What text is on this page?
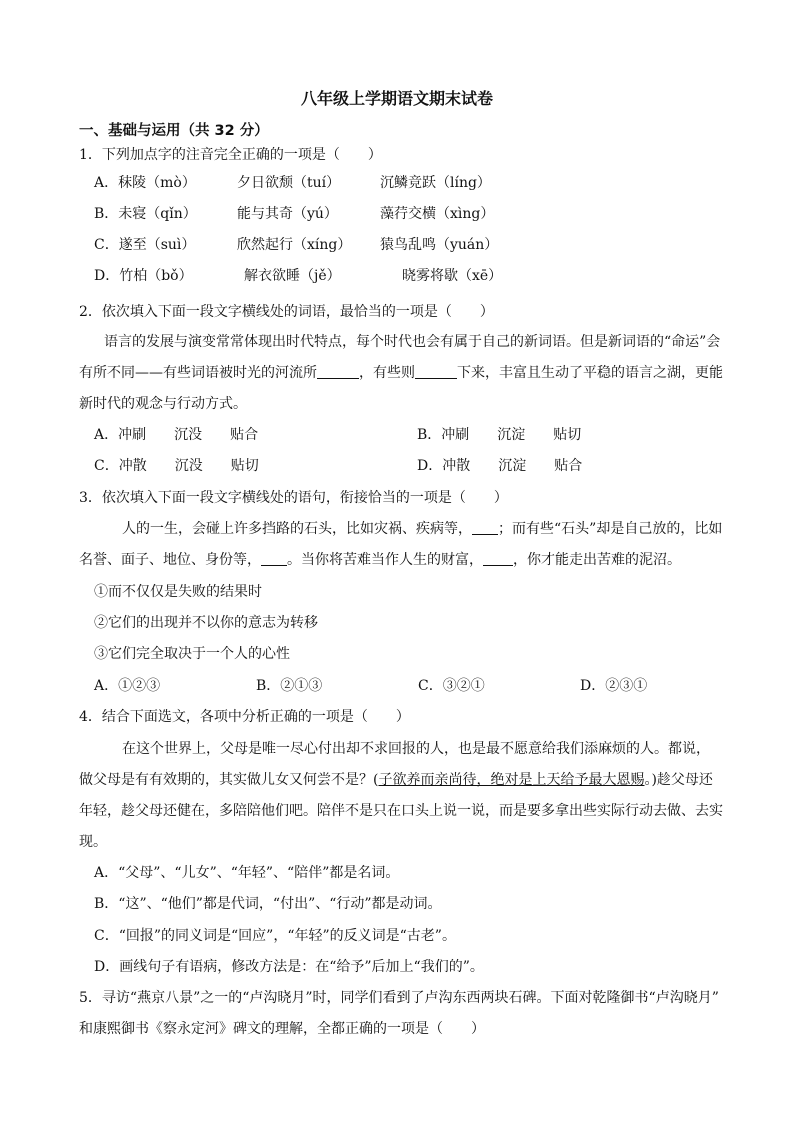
八年级上学期语文期末试卷
一、基础与运用（共 32 分）
1．下列加点字的注音完全正确的一项是（　　）
A．秣陵（mò）	夕日欲颓（tuí）	沉鳞竞跃（líng）
B．未寝（qǐn）	能与其奇（yú）	藻荇交横（xìng）
C．遂至（suì）	欣然起行（xíng） 猿鸟乱鸣（yuán）
D．竹柏（bǒ）	解衣欲睡（jě）	晓雾将歇（xē）
2．依次填入下面一段文字横线处的词语，最恰当的一项是（　　）
语言的发展与演变常常体现出时代特点，每个时代也会有属于自己的新词语。但是新词语的“命运”会
有所不同——有些词语被时光的河流所	，有些则	下来，丰富且生动了平稳的语言之湖，更能
新时代的观念与行动方式。
A．冲刷　　沉没　　贴合	B．冲刷　　沉淀　　贴切
C．冲散　　沉没　　贴切	D．冲散　　沉淀　　贴合
3．依次填入下面一段文字横线处的语句，衔接恰当的一项是（　　）
人的一生，会碰上许多挡路的石头，比如灾祸、疾病等， ；而有些“石头”却是自己放的，比如
名誉、面子、地位、身份等， 。当你将苦难当作人生的财富， ，你才能走出苦难的泥沼。
①而不仅仅是失败的结果时
②它们的出现并不以你的意志为转移
③它们完全取决于一个人的心性
A．①②③	B．②①③	C．③②①	D．②③①
4．结合下面选文，各项中分析正确的一项是（　　）
在这个世界上，父母是唯一尽心付出却不求回报的人，也是最不愿意给我们添麻烦的人。都说，
做父母是有有效期的，其实做儿女又何尝不是？(子欲养而亲尚待，绝对是上天给予最大恩赐。)趁父母还
年轻，趁父母还健在，多陪陪他们吧。陪伴不是只在口头上说一说，而是要多拿出些实际行动去做、去实
现。
A．“父母”、“儿女”、“年轻”、“陪伴”都是名词。
B．“这”、“他们”都是代词，“付出”、“行动”都是动词。
C．“回报”的同义词是“回应”，“年轻”的反义词是“古老”。
D．画线句子有语病，修改方法是：在“给予”后加上“我们的”。
5．寻访“燕京八景”之一的“卢沟晓月”时，同学们看到了卢沟东西两块石碑。下面对乾隆御书“卢沟晓月”
和康熙御书《察永定河》碑文的理解，全都正确的一项是（　　）
